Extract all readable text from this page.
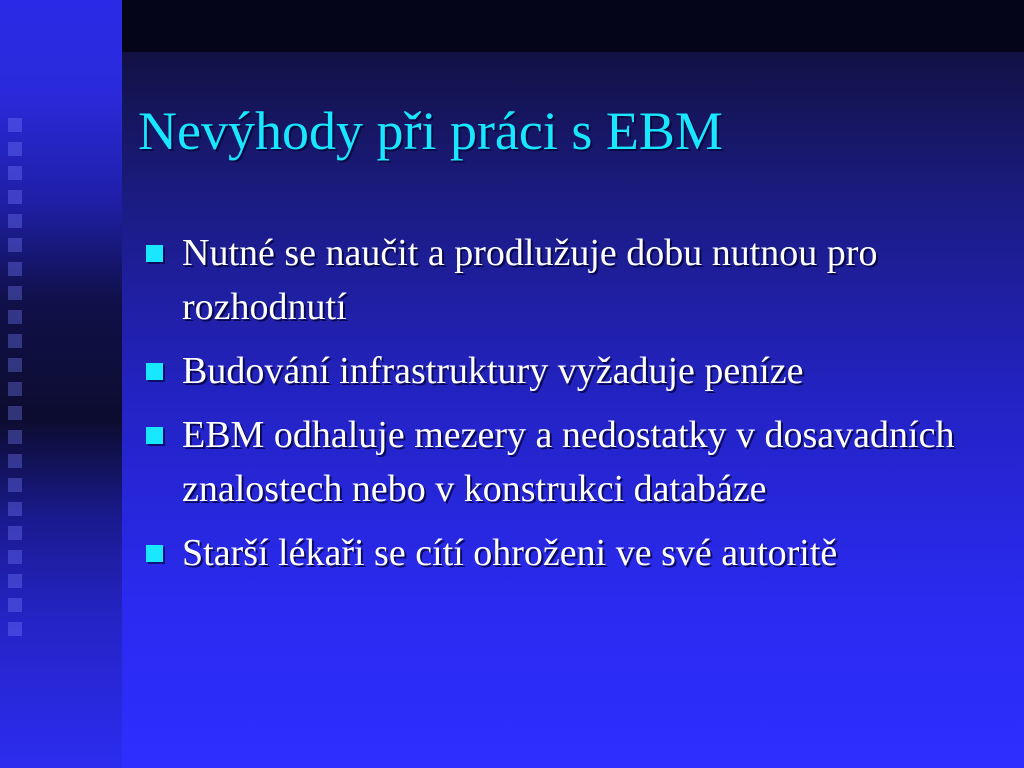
Nevýhody při práci s EBM
Nutné se naučit a prodlužuje dobu nutnou pro rozhodnutí
Budování infrastruktury vyžaduje peníze
EBM odhaluje mezery a nedostatky v dosavadních znalostech nebo v konstrukci databáze
Starší lékaři se cítí ohroženi ve své autoritě
